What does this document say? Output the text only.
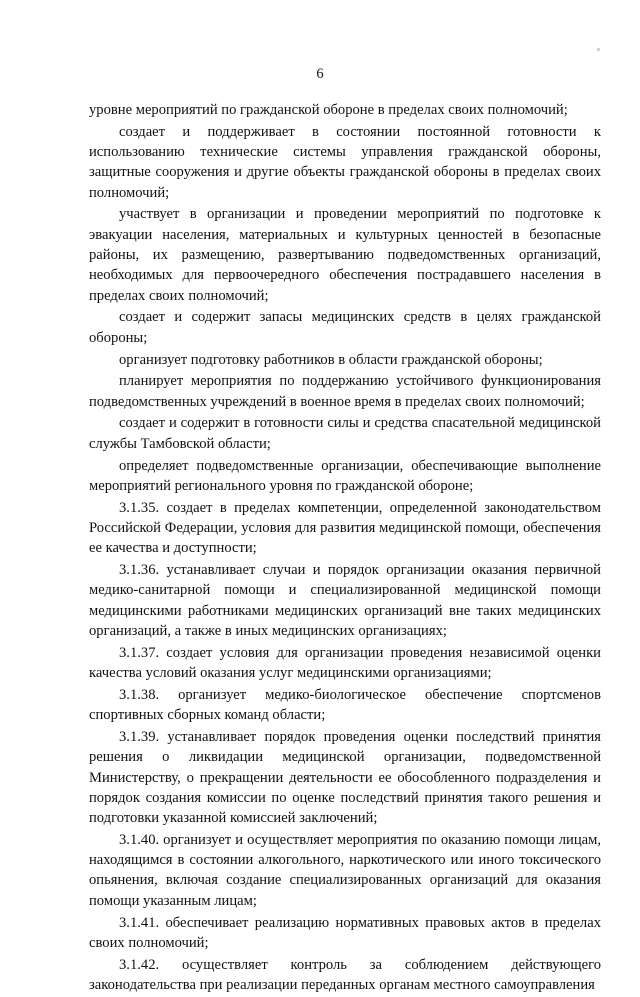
6

уровне мероприятий по гражданской обороне в пределах своих полномочий;

создает и поддерживает в состоянии постоянной готовности к использованию технические системы управления гражданской обороны, защитные сооружения и другие объекты гражданской обороны в пределах своих полномочий;

участвует в организации и проведении мероприятий по подготовке к эвакуации населения, материальных и культурных ценностей в безопасные районы, их размещению, развертыванию подведомственных организаций, необходимых для первоочередного обеспечения пострадавшего населения в пределах своих полномочий;

создает и содержит запасы медицинских средств в целях гражданской обороны;

организует подготовку работников в области гражданской обороны;

планирует мероприятия по поддержанию устойчивого функционирования подведомственных учреждений в военное время в пределах своих полномочий;

создает и содержит в готовности силы и средства спасательной медицинской службы Тамбовской области;

определяет подведомственные организации, обеспечивающие выполнение мероприятий регионального уровня по гражданской обороне;

3.1.35. создает в пределах компетенции, определенной законодательством Российской Федерации, условия для развития медицинской помощи, обеспечения ее качества и доступности;

3.1.36. устанавливает случаи и порядок организации оказания первичной медико-санитарной помощи и специализированной медицинской помощи медицинскими работниками медицинских организаций вне таких медицинских организаций, а также в иных медицинских организациях;

3.1.37. создает условия для организации проведения независимой оценки качества условий оказания услуг медицинскими организациями;

3.1.38. организует медико-биологическое обеспечение спортсменов спортивных сборных команд области;

3.1.39. устанавливает порядок проведения оценки последствий принятия решения о ликвидации медицинской организации, подведомственной Министерству, о прекращении деятельности ее обособленного подразделения и порядок создания комиссии по оценке последствий принятия такого решения и подготовки указанной комиссией заключений;

3.1.40. организует и осуществляет мероприятия по оказанию помощи лицам, находящимся в состоянии алкогольного, наркотического или иного токсического опьянения, включая создание специализированных организаций для оказания помощи указанным лицам;

3.1.41. обеспечивает реализацию нормативных правовых актов в пределах своих полномочий;

3.1.42. осуществляет контроль за соблюдением действующего законодательства при реализации переданных органам местного самоуправления
